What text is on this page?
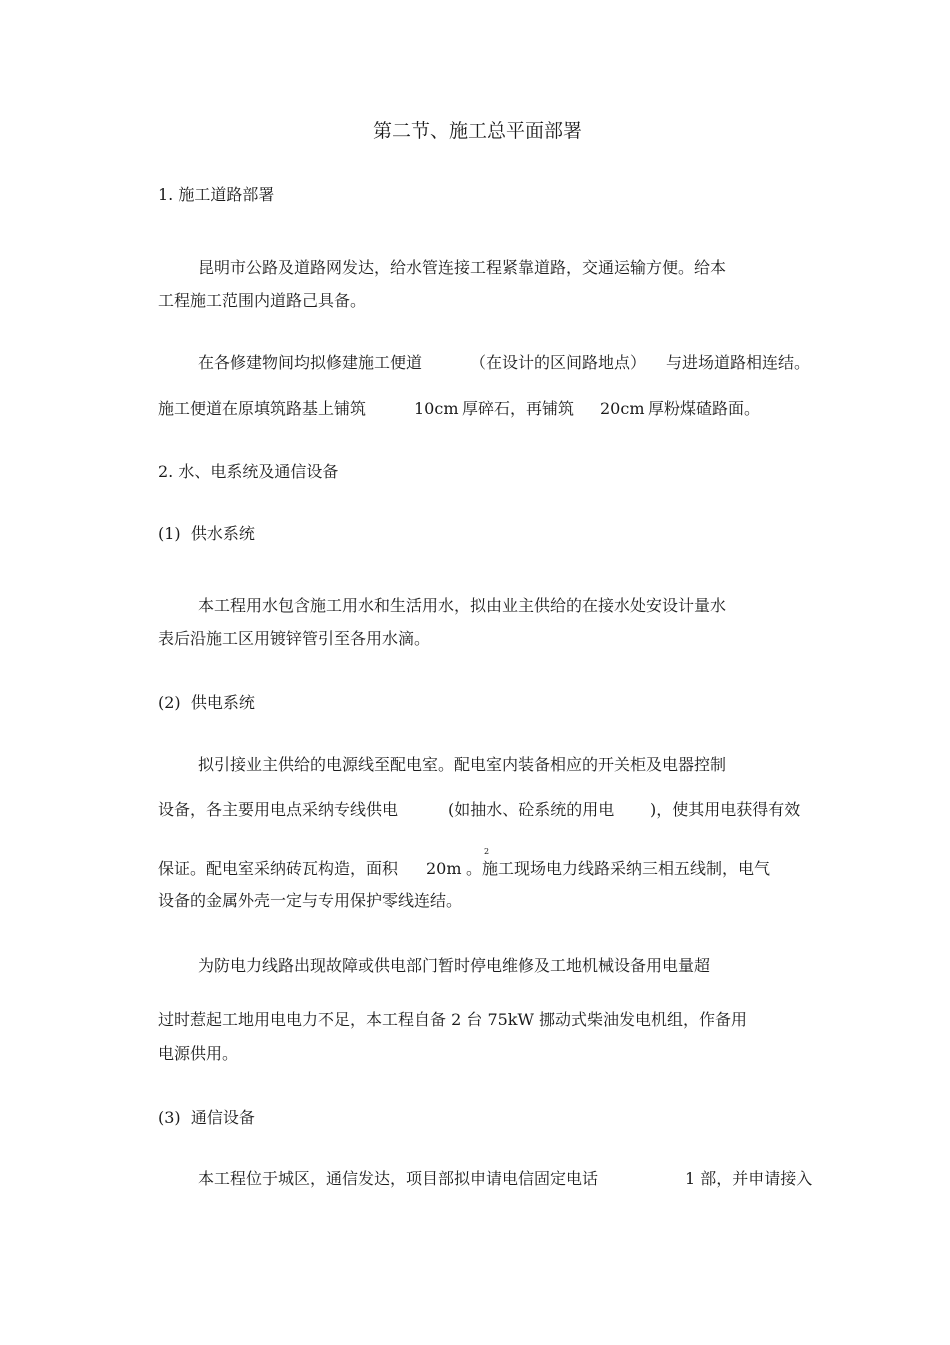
第二节、施工总平面部署
1. 施工道路部署
昆明市公路及道路网发达，给水管连接工程紧靠道路，交通运输方便。给本
工程施工范围内道路己具备。
在各修建物间均拟修建施工便道	（在设计的区间路地点） 与进场道路相连结。
施工便道在原填筑路基上铺筑	10cm 厚碎石，再铺筑 20cm 厚粉煤碴路面。
2. 水、电系统及通信设备
(1)  供水系统
本工程用水包含施工用水和生活用水，拟由业主供给的在接水处安设计量水
表后沿施工区用镀锌管引至各用水滴。
(2)  供电系统
拟引接业主供给的电源线至配电室。配电室内装备相应的开关柜及电器控制
设备，各主要用电点采纳专线供电	(如抽水、砼系统的用电 )，使其用电获得有效
保证。配电室采纳砖瓦构造，面积 20m
2
。施工现场电力线路采纳三相五线制，电气
设备的金属外壳一定与专用保护零线连结。
为防电力线路出现故障或供电部门暂时停电维修及工地机械设备用电量超
过时惹起工地用电电力不足，本工程自备 2 台 75kW 挪动式柴油发电机组，作备用
电源供用。
(3)  通信设备
本工程位于城区，通信发达，项目部拟申请电信固定电话	1 部，并申请接入
